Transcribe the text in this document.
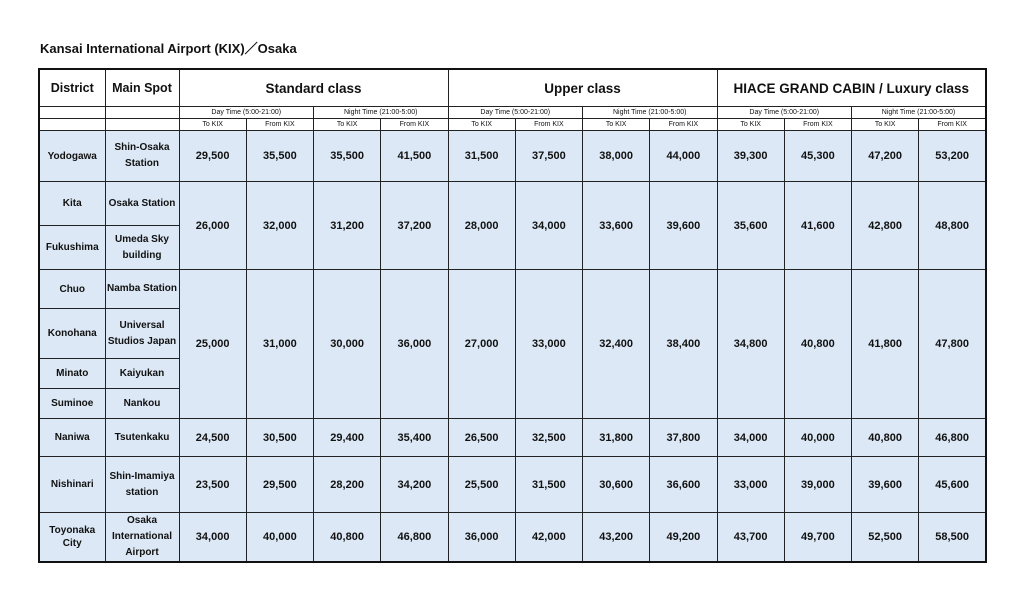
Kansai International Airport (KIX)／Osaka
District	Main Spot	Standard class				Upper class				HIACE GRAND CABIN / Luxury class			
		Day Time (5:00-21:00)		Night Time (21:00-5:00)		Day Time (5:00-21:00)		Night Time (21:00-5:00)		Day Time (5:00-21:00)		Night Time (21:00-5:00)	
		To KIX	From KIX	To KIX	From KIX	To KIX	From KIX	To KIX	From KIX	To KIX	From KIX	To KIX	From KIX
Yodogawa	Shin-Osaka Station	29,500	35,500	35,500	41,500	31,500	37,500	38,000	44,000	39,300	45,300	47,200	53,200
Kita	Osaka Station	26,000	32,000	31,200	37,200	28,000	34,000	33,600	39,600	35,600	41,600	42,800	48,800
Fukushima	Umeda Sky building												
Chuo	Namba Station	25,000	31,000	30,000	36,000	27,000	33,000	32,400	38,400	34,800	40,800	41,800	47,800
Konohana	Universal Studios Japan												
Minato	Kaiyukan												
Suminoe	Nankou												
Naniwa	Tsutenkaku	24,500	30,500	29,400	35,400	26,500	32,500	31,800	37,800	34,000	40,000	40,800	46,800
Nishinari	Shin-Imamiya station	23,500	29,500	28,200	34,200	25,500	31,500	30,600	36,600	33,000	39,000	39,600	45,600
Toyonaka City	Osaka International Airport	34,000	40,000	40,800	46,800	36,000	42,000	43,200	49,200	43,700	49,700	52,500	58,500
